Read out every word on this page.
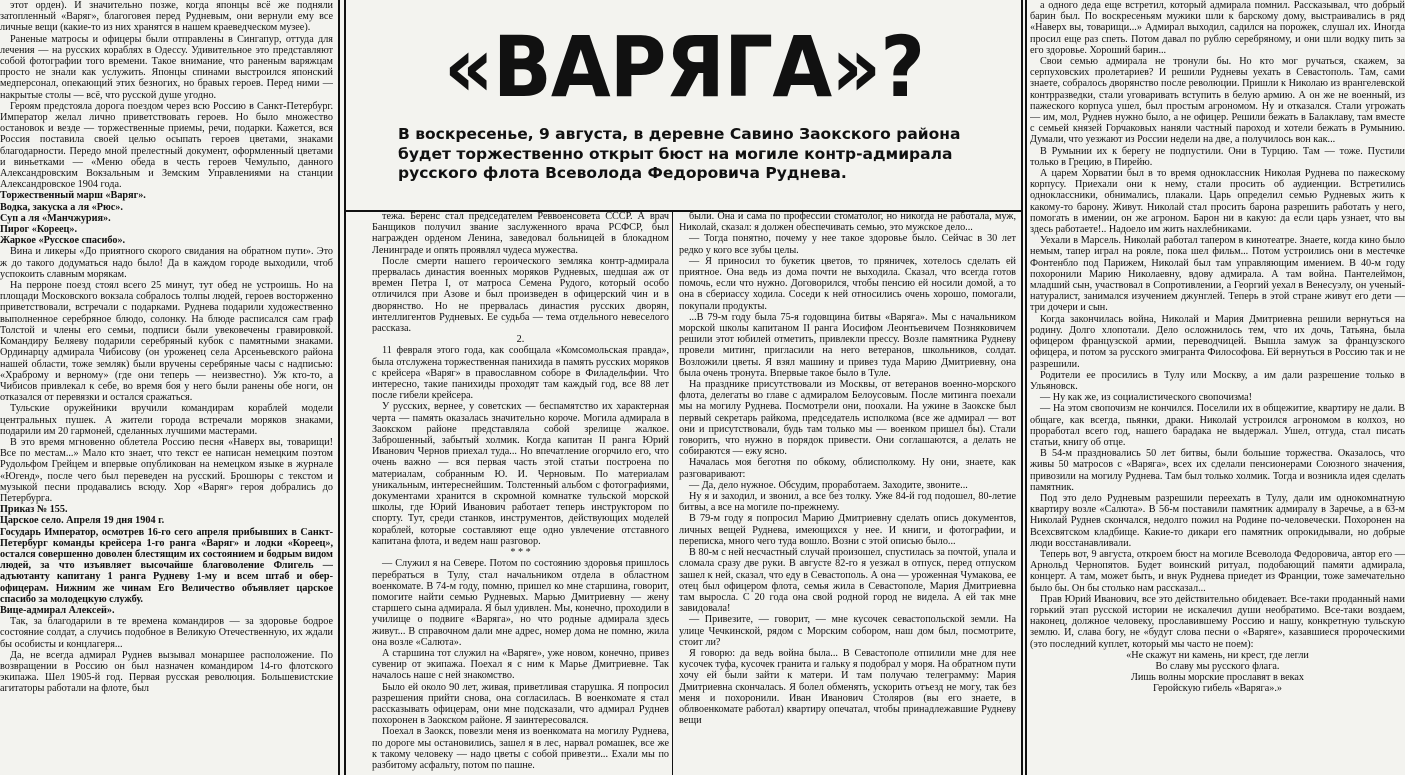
«ВАРЯГА»?
В воскресенье, 9 августа, в деревне Савино Заокского района будет торжественно открыт бюст на могиле контр-адмирала русского флота Всеволода Федоровича Руднева.

этот орден). И значительно позже, когда японцы всё же подняли затопленный «Варяг», благоговея перед Рудневым, они вернули ему все личные вещи (какие-то из них хранятся в нашем краеведческом музее).

Раненые матросы и офицеры были отправлены в Сингапур, оттуда для лечения — на русских кораблях в Одессу. Удивительное это представляют собой фотографии того времени. Такое внимание, что раненым варяжцам просто не знали как услужить. Японцы спинами выстроился японский медперсонал, опекающий этих безногих, но бравых героев. Перед ними — накрытые столы — всё, что русской душе угодно.

Героям предстояла дорога поездом через всю Россию в Санкт-Петербург. Император желал лично приветствовать героев. Но было множество остановок и везде — торжественные приемы, речи, подарки. Кажется, вся Россия поставила своей целью осыпать героев цветами, знаками благодарности. Передо мной прелестный документ, оформленный цветами и виньетками — «Меню обеда в честь героев Чемульпо, данного Александровским Вокзальным и Земским Управлениями на станции Александровское 1904 года.

Торжественный марш «Варяг».

Водка, закуска а ля «Рюс».

Суп а ля «Манчжурия».

Пирог «Кореец».

Жаркое «Русское спасибо».

Вина и ликеры «До приятного скорого свидания на обратном пути». Это ж до такого додуматься надо было! Да в каждом городе выходили, чтоб успокоить славным морякам.

На перроне поезд стоял всего 25 минут, тут обед не устроишь. Но на площади Московского вокзала собралось толпы людей, героев восторженно приветствовали, встречали с подарками. Руднева подарили художественно выполненное серебряное блюдо, солонку. На блюде расписался сам граф Толстой и члены его семьи, подписи были увековечены гравировкой. Командиру Беляеву подарили серебряный кубок с памятными знаками. Ординарцу адмирала Чибисову (он уроженец села Арсеньевского района нашей области, тоже земляк) были вручены серебряные часы с надписью: «Храброму и верному» (где они теперь — неизвестно). Уж кто-то, а Чибисов привлекал к себе, во время боя у него были ранены обе ноги, он отказался от перевязки и остался сражаться.

Тульские оружейники вручили командирам кораблей модели центральных пушек. А жители города встречали моряков знаками, подарили им 20 гармоней, сделанных лучшими мастерами.

В это время мгновенно облетела Россию песня «Наверх вы, товарищи! Все по местам...» Мало кто знает, что текст ее написан немецким поэтом Рудольфом Грейцем и впервые опубликован на немецком языке в журнале «Югенд», после чего был переведен на русский. Брошюры с текстом и музыкой песни продавались всюду. Хор «Варяг» героя добрались до Петербурга.

Приказ № 155.

Царское село. Апреля 19 дня 1904 г.

Государь Император, осмотрев 16-го сего апреля прибывших в Санкт-Петербург команды крейсера 1-го ранга «Варяг» и лодки «Кореец», остался совершенно доволен блестящим их состоянием и бодрым видом людей, за что изъявляет высочайше благоволение Флигель — адъютанту капитану 1 ранга Рудневу 1-му и всем штаб и обер-офицерам. Нижним же чинам Его Величество объявляет царское спасибо за молодецкую службу.

Вице-адмирал Алексей».

Так, за благодарили в те времена командиров — за здоровье бодрое состояние солдат, а случись подобное в Великую Отечественную, их ждали бы особисты и концлагеря...

Да, не всегда адмирал Руднев вызывал монаршее расположение. По возвращении в Россию он был назначен командиром 14-го флотского экипажа. Шел 1905-й год. Первая русская революция. Большевистские агитаторы работали на флоте, был

тежа. Беренс стал председателем Реввоенсовета СССР. А врач Банщиков получил звание заслуженного врача РСФСР, был награжден орденом Ленина, заведовал больницей в блокадном Ленинграде и опять проявлял чудеса мужества.

После смерти нашего героического земляка контр-адмирала прервалась династия военных моряков Рудневых, шедшая аж от времен Петра I, от матроса Семена Рудого, который особо отличился при Азове и был произведен в офицерский чин и в дворянство. Но не прервалась династия русских дворян, интеллигентов Рудневых. Ее судьба — тема отдельного невеселого рассказа.

2.

11 февраля этого года, как сообщала «Комсомольская правда», была отслужена торжественная панихида в память русских моряков с крейсера «Варяг» в православном соборе в Филадельфии. Что интересно, такие панихиды проходят там каждый год, все 88 лет после гибели крейсера.

У русских, вернее, у советских — беспамятство их характерная черта — память оказалась значительно короче. Могила адмирала в Заокском районе представляла собой зрелище жалкое. Заброшенный, забытый холмик. Когда капитан II ранга Юрий Иванович Чернов приехал туда... Но впечатление огорчило его, что очень важно — вся первая часть этой статьи построена по материалам, собранным Ю. И. Черновым. По материалам уникальным, интереснейшим. Толстенный альбом с фотографиями, документами хранится в скромной комнатке тульской морской школы, где Юрий Иванович работает теперь инструктором по спорту. Тут, среди станков, инструментов, действующих моделей кораблей, которые составляют еще одно увлечение отставного капитана флота, и ведем наш разговор.

* * *

— Служил я на Севере. Потом по состоянию здоровья пришлось перебраться в Тулу, стал начальником отдела в областном военкомате. В 74-м году, помню, пришел ко мне старшина, говорит, помогите найти семью Рудневых. Марью Дмитриевну — жену старшего сына адмирала. Я был удивлен. Мы, конечно, проходили в училище о подвиге «Варяга», но что родные адмирала здесь живут... В справочном дали мне адрес, номер дома не помню, жила она возле «Салюта».

А старшина тот служил на «Варяге», уже новом, конечно, привез сувенир от экипажа. Поехал я с ним к Марье Дмитриевне. Так началось наше с ней знакомство.

Было ей около 90 лет, живая, приветливая старушка. Я попросил разрешения прийти снова, она согласилась. В военкомате я стал рассказывать офицерам, они мне подсказали, что адмирал Руднев похоронен в Заокском районе. Я заинтересовался.

Поехал в Заокск, повезли меня из военкомата на могилу Руднева, по дороге мы остановились, зашел я в лес, нарвал ромашек, все же к такому человеку — надо цветы с собой привезти... Ехали мы по разбитому асфальту, потом по пашне.

были. Она и сама по профессии стоматолог, но никогда не работала, муж, Николай, сказал: я должен обеспечивать семью, это мужское дело...

— Тогда понятно, почему у нее такое здоровье было. Сейчас в 30 лет редко у кого все зубы целы.

— Я приносил то букетик цветов, то пряничек, хотелось сделать ей приятное. Она ведь из дома почти не выходила. Сказал, что всегда готов помочь, если что нужно. Договорился, чтобы пенсию ей носили домой, а то она в сбериассу ходила. Соседи к ней относились очень хорошо, помогали, покупали продукты.

...В 79-м году была 75-я годовщина битвы «Варяга». Мы с начальником морской школы капитаном II ранга Иосифом Леонтьевичем Позняковичем решили этот юбилей отметить, привлекли прессу. Возле памятника Рудневу провели митинг, пригласили на него ветеранов, школьников, солдат. Возложили цветы. Я взял машину и привез туда Марию Дмитриевну, она была очень тронута. Впервые такое было в Туле.

На празднике присутствовали из Москвы, от ветеранов военно-морского флота, делегаты во главе с адмиралом Белоусовым. После митинга поехали мы на могилу Руднева. Посмотрели они, поохали. На ужине в Заокске был первый секретарь райкома, председатель исполкома (все же адмирал — вот они и присутствовали, будь там только мы — военком пришел бы). Стали говорить, что нужно в порядок привести. Они соглашаются, а делать не собираются — ежу ясно.

Началась моя беготня по обкому, облисполкому. Ну они, знаете, как разговаривают:

— Да, дело нужное. Обсудим, проработаем. Заходите, звоните...

Ну я и заходил, и звонил, а все без толку. Уже 84-й год подошел, 80-летие битвы, а все на могиле по-прежнему.

В 79-м году я попросил Марию Дмитриевну сделать опись документов, личных вещей Руднева, имеющихся у нее. И книги, и фотографии, и переписка, много чего туда вошло. Возни с этой описью было...

В 80-м с ней несчастный случай произошел, спустилась за почтой, упала и сломала сразу две руки. В августе 82-го я уезжал в отпуск, перед отпуском зашел к ней, сказал, что еду в Севастополь. А она — уроженная Чумакова, ее отец был офицером флота, семья жила в Севастополе, Мария Дмитриевна там выросла. С 20 года она свой родной город не видела. А ей так мне завидовала!

— Привезите, — говорит, — мне кусочек севастопольской земли. На улице Чечкинской, рядом с Морским собором, наш дом был, посмотрите, стоит ли?

Я говорю: да ведь война была... В Севастополе отпилили мне для нее кусочек туфа, кусочек гранита и гальку я подобрал у моря. На обратном пути хочу ей были зайти к матери. И там получаю телеграмму: Мария Дмитриевна скончалась. Я болел обменять, ускорить отъезд не могу, так без меня и похоронили. Иван Иванович Столяров (вы его знаете, в облвоенкомате работал) квартиру опечатал, чтобы принадлежавшие Рудневу вещи

а одного деда еще встретил, который адмирала помнил. Рассказывал, что добрый барин был. По воскресеньям мужики шли к барскому дому, выстраивались в ряд «Наверх вы, товарищи...» Адмирал выходил, садился на порожек, слушал их. Иногда просил еще раз спеть. Потом давал по рублю серебряному, и они шли водку пить за его здоровье. Хороший барин...

Свои семью адмирала не тронули бы. Но кто мог ручаться, скажем, за серпуховских пролетариев? И решили Рудневы уехать в Севастополь. Там, сами знаете, собралось дворянство после революции. Пришли к Николаю из врангелевской контрразведки, стали уговаривать вступить в белую армию. А он же не военный, из пажеского корпуса ушел, был простым агрономом. Ну и отказался. Стали угрожать — им, мол, Руднев нужно было, а не офицер. Решили бежать в Балаклаву, там вместе с семьей князей Горчаковых наняли частный пароход и хотели бежать в Румынию. Думали, что уезжают из России недели на две, а получилось вон как...

В Румынии их к берегу не подпустили. Они в Турцию. Там — тоже. Пустили только в Грецию, в Пирейю.

А царем Хорватии был в то время одноклассник Николая Руднева по пажескому корпусу. Приехали они к нему, стали просить об аудиенции. Встретились одноклассники, обнимались, плакали. Царь определил семью Рудневых жить к какому-то барону. Живут. Николай стал просить барона разрешить работать у него, помогать в имении, он же агроном. Барон ни в какую: да если царь узнает, что вы здесь работаете!.. Надоело им жить нахлебниками.

Уехали в Марсель. Николай работал тапером в кинотеатре. Знаете, когда кино было немым, тапер играл на рояле, пока шел фильм... Потом устроились они в местечке Фонтенбло под Парижем, Николай был там управляющим имением. В 40-м году похоронили Марию Николаевну, вдову адмирала. А там война. Пантелеймон, младший сын, участвовал в Сопротивлении, а Георгий уехал в Венесуэлу, он ученый-натуралист, занимался изучением джунглей. Теперь в этой стране живут его дети — три дочери и сын.

Когда закончилась война, Николай и Мария Дмитриевна решили вернуться на родину. Долго хлопотали. Дело осложнилось тем, что их дочь, Татьяна, была офицером французской армии, переводчицей. Вышла замуж за французского офицера, и потом за русского эмигранта Философова. Ей вернуться в Россию так и не разрешили.

Родители ее просились в Тулу или Москву, а им дали разрешение только в Ульяновск.

— Ну как же, из социалистического свопочизма!

— На этом свопочизм не кончился. Поселили их в общежитие, квартиру не дали. В общаге, как всегда, пьянки, драки. Николай устроился агрономом в колхоз, но проработал всего год, нашего барадака не выдержал. Ушел, отгуда, стал писать статьи, книгу об отце.

В 54-м праздновались 50 лет битвы, были большие торжества. Оказалось, что живы 50 матросов с «Варяга», всех их сделали пенсионерами Союзного значения, привозили на могилу Руднева. Там был только холмик. Тогда и возникла идея сделать памятник.

Под это дело Рудневым разрешили переехать в Тулу, дали им однокомнатную квартиру возле «Салюта». В 56-м поставили памятник адмиралу в Заречье, а в 63-м Николай Руднев скончался, недолго пожил на Родине по-человечески. Похоронен на Всехсвятском кладбище. Какие-то дикари его памятник опрокидывали, но добрые люди восстанавливали.

Теперь вот, 9 августа, откроем бюст на могиле Всеволода Федоровича, автор его — Арнольд Чернопятов. Будет воинский ритуал, подобающий памяти адмирала, концерт. А там, может быть, и внук Руднева приедет из Франции, тоже замечательно было бы. Он бы столько нам рассказал...

Прав Юрий Иванович, все это действительно обидевает. Все-таки проданный нами горький этап русской истории не искалечил души необратимо. Все-таки воздаем, наконец, должное человеку, прославившему Россию и нашу, конкретную тульскую землю. И, слава богу, не «будут слова песни о «Варяге», казавшиеся пророческими (это последний куплет, который мы часто не поем):

«Не скажут ни камень, ни крест, где легли

Во славу мы русского флага.

Лишь волны морские прославят в веках

Геройскую гибель «Варяга».»
